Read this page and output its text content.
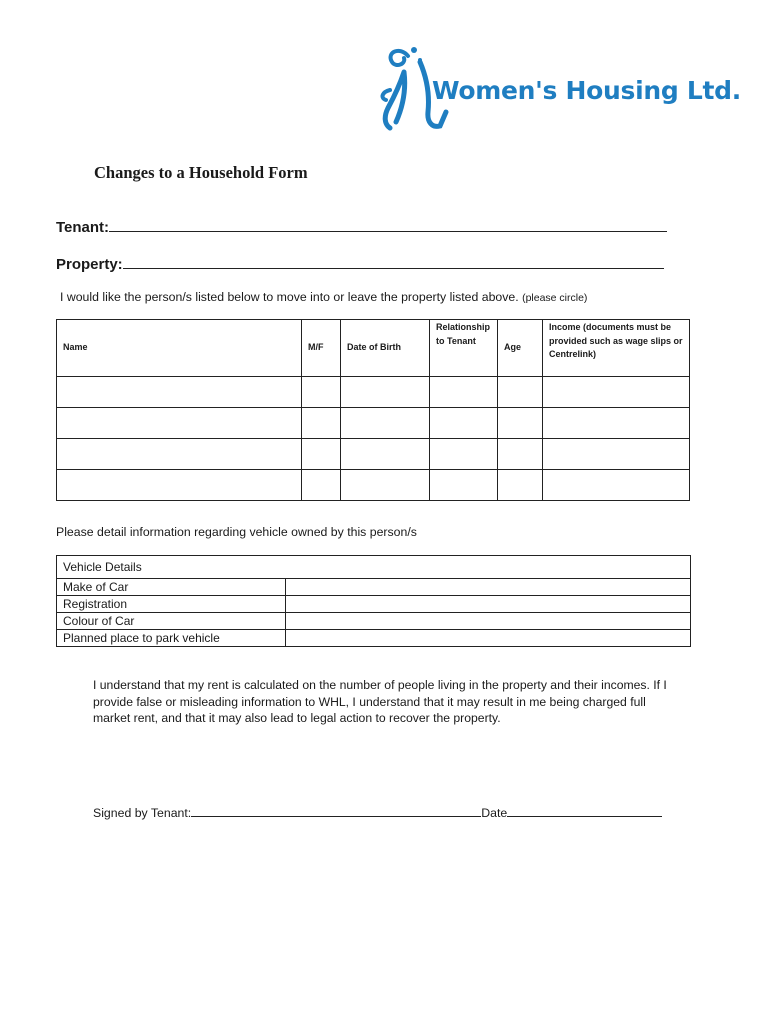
Women's Housing Ltd.
Changes to a Household Form
Tenant:
Property:
I would like the person/s listed below to move into or leave the property listed above. (please circle)
Name	M/F	Date of Birth	Relationship to Tenant	Age	Income (documents must be provided such as wage slips or Centrelink)

Please detail information regarding vehicle owned by this person/s
Vehicle Details	
Make of Car	
Registration	
Colour of Car	
Planned place to park vehicle	
I understand that my rent is calculated on the number of people living in the property and their incomes. If I provide false or misleading information to WHL, I understand that it may result in me being charged full market rent, and that it may also lead to legal action to recover the property.
Signed by Tenant:	Date
